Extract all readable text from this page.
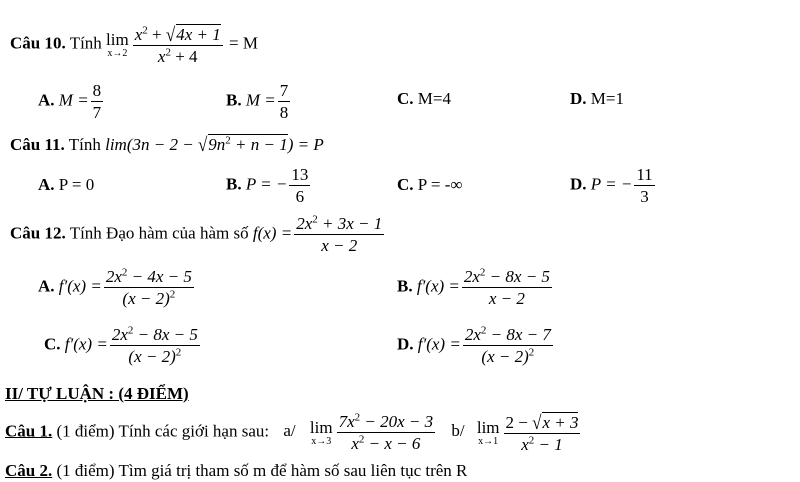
Câu 10. Tính lim
$x\to 2 \frac{x^2 + √4x + 1}{x^2 + 4} = M$
A. $M = \frac{8}{7}$	B. $M = \frac{7}{8}$	C. M=4	D. M=1
Câu 11. Tính $\lim(3n - 2 - √9n^2 + n - 1) = P$
A. P = 0	B. P = − $\frac{13}{6}$	C. P = -∞	D. P = − $\frac{11}{3}$
Câu 12. Tính Đạo hàm của hàm số $f(x) = \frac{2x^2 + 3x - 1}{x - 2}$
A. $f'(x) = \frac{2x^2 - 4x - 5}{(x - 2)^2}$	B. $f'(x) = \frac{2x^2 - 8x - 5}{x - 2}$
C. $f'(x) = \frac{2x^2 - 8x - 5}{(x - 2)^2}$	D. $f'(x) = \frac{2x^2 - 8x - 7}{(x - 2)^2}$
II/ TỰ LUẬN : (4 ĐIỂM)
Câu 1. (1 điểm) Tính các giới hạn sau: a/ lim
$x\to 3 \frac{7x^2 - 20x - 3}{x^2 - x - 6} b/$ lim
$x\to 1 \frac{2 - √x + 3}{x^2 - 1}$
Câu 2. (1 điểm) Tìm giá trị tham số m để hàm số sau liên tục trên R
